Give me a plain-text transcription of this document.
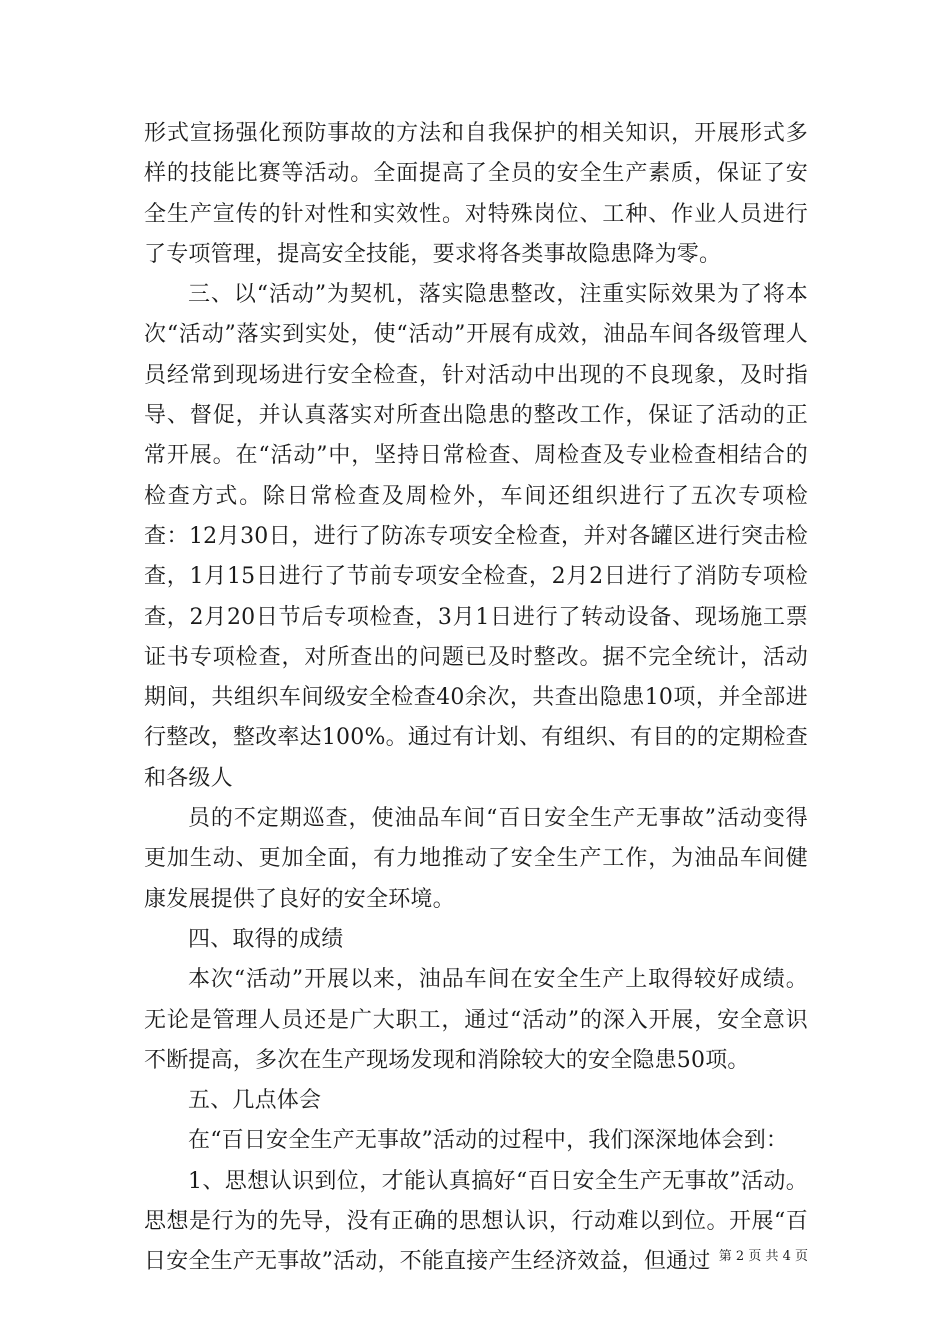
形式宣扬强化预防事故的方法和自我保护的相关知识，开展形式多样的技能比赛等活动。全面提高了全员的安全生产素质，保证了安全生产宣传的针对性和实效性。对特殊岗位、工种、作业人员进行了专项管理，提高安全技能，要求将各类事故隐患降为零。

三、以“活动”为契机，落实隐患整改，注重实际效果为了将本次“活动”落实到实处，使“活动”开展有成效，油品车间各级管理人员经常到现场进行安全检查，针对活动中出现的不良现象，及时指导、督促，并认真落实对所查出隐患的整改工作，保证了活动的正常开展。在“活动”中，坚持日常检查、周检查及专业检查相结合的检查方式。除日常检查及周检外，车间还组织进行了五次专项检查：12月30日，进行了防冻专项安全检查，并对各罐区进行突击检查，1月15日进行了节前专项安全检查，2月2日进行了消防专项检查，2月20日节后专项检查，3月1日进行了转动设备、现场施工票证书专项检查，对所查出的问题已及时整改。据不完全统计，活动期间，共组织车间级安全检查40余次，共查出隐患10项，并全部进行整改，整改率达100%。通过有计划、有组织、有目的的定期检查和各级人

员的不定期巡查，使油品车间“百日安全生产无事故”活动变得更加生动、更加全面，有力地推动了安全生产工作，为油品车间健康发展提供了良好的安全环境。

四、取得的成绩

本次“活动”开展以来，油品车间在安全生产上取得较好成绩。无论是管理人员还是广大职工，通过“活动”的深入开展，安全意识不断提高，多次在生产现场发现和消除较大的安全隐患50项。

五、几点体会

在“百日安全生产无事故”活动的过程中，我们深深地体会到：

1、思想认识到位，才能认真搞好“百日安全生产无事故”活动。思想是行为的先导，没有正确的思想认识，行动难以到位。开展“百日安全生产无事故”活动，不能直接产生经济效益，但通过 第 2 页 共 4 页
